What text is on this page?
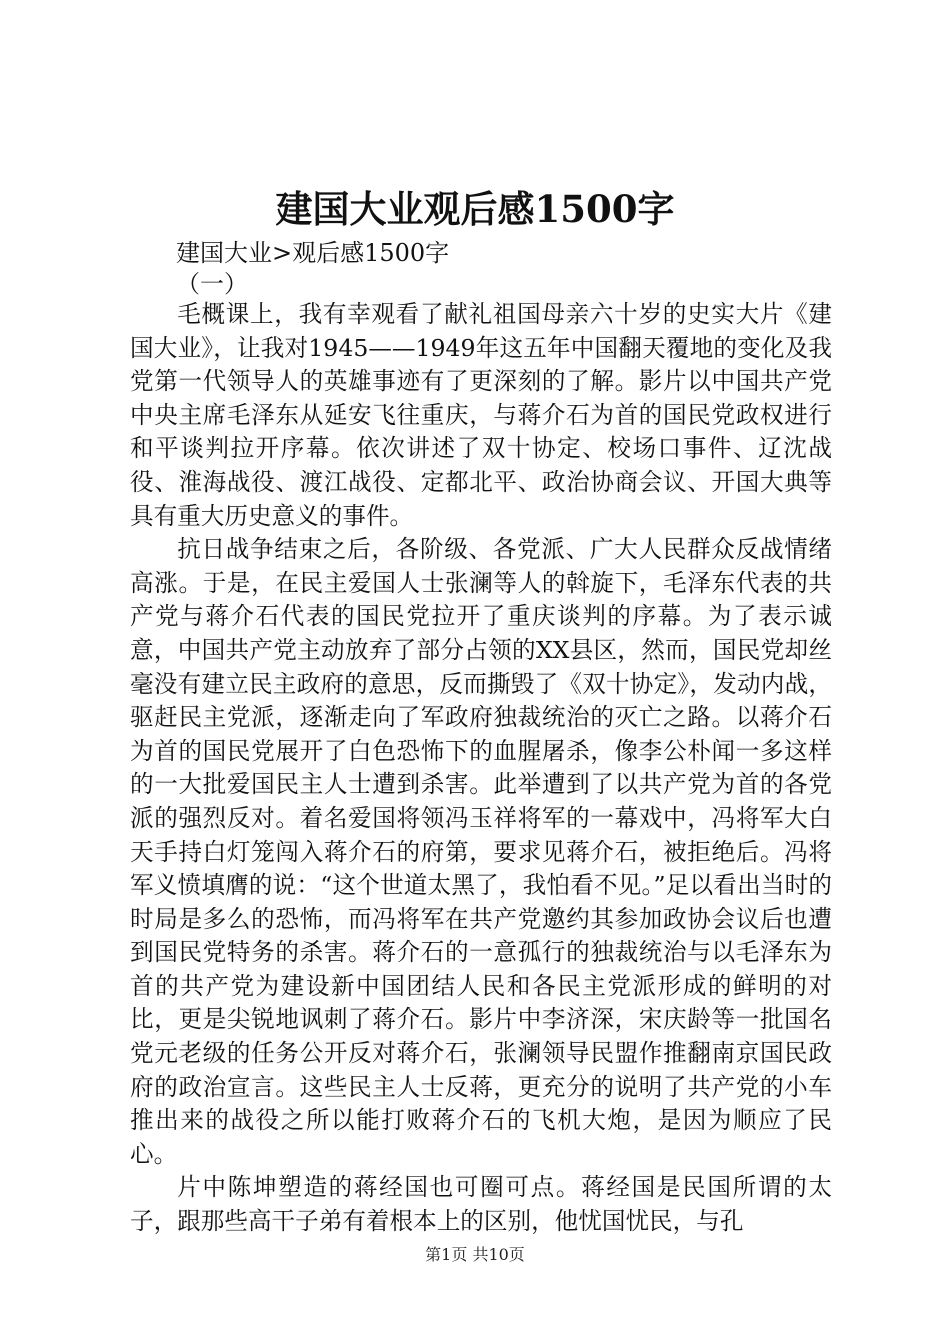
建国大业观后感1500字
建国大业>观后感1500字
（一）

毛概课上，我有幸观看了献礼祖国母亲六十岁的史实大片《建国大业》，让我对1945——1949年这五年中国翻天覆地的变化及我党第一代领导人的英雄事迹有了更深刻的了解。影片以中国共产党中央主席毛泽东从延安飞往重庆，与蒋介石为首的国民党政权进行和平谈判拉开序幕。依次讲述了双十协定、校场口事件、辽沈战役、淮海战役、渡江战役、定都北平、政治协商会议、开国大典等具有重大历史意义的事件。

抗日战争结束之后，各阶级、各党派、广大人民群众反战情绪高涨。于是，在民主爱国人士张澜等人的斡旋下，毛泽东代表的共产党与蒋介石代表的国民党拉开了重庆谈判的序幕。为了表示诚意，中国共产党主动放弃了部分占领的XX县区，然而，国民党却丝毫没有建立民主政府的意思，反而撕毁了《双十协定》，发动内战，驱赶民主党派，逐渐走向了军政府独裁统治的灭亡之路。以蒋介石为首的国民党展开了白色恐怖下的血腥屠杀，像李公朴闻一多这样的一大批爱国民主人士遭到杀害。此举遭到了以共产党为首的各党派的强烈反对。着名爱国将领冯玉祥将军的一幕戏中，冯将军大白天手持白灯笼闯入蒋介石的府第，要求见蒋介石，被拒绝后。冯将军义愤填膺的说：“这个世道太黑了，我怕看不见。”足以看出当时的时局是多么的恐怖，而冯将军在共产党邀约其参加政协会议后也遭到国民党特务的杀害。蒋介石的一意孤行的独裁统治与以毛泽东为首的共产党为建设新中国团结人民和各民主党派形成的鲜明的对比，更是尖锐地讽刺了蒋介石。影片中李济深，宋庆龄等一批国名党元老级的任务公开反对蒋介石，张澜领导民盟作推翻南京国民政府的政治宣言。这些民主人士反蒋，更充分的说明了共产党的小车推出来的战役之所以能打败蒋介石的飞机大炮，是因为顺应了民心。

片中陈坤塑造的蒋经国也可圈可点。蒋经国是民国所谓的太子，跟那些高干子弟有着根本上的区别，他忧国忧民，与孔

第1页 共10页
